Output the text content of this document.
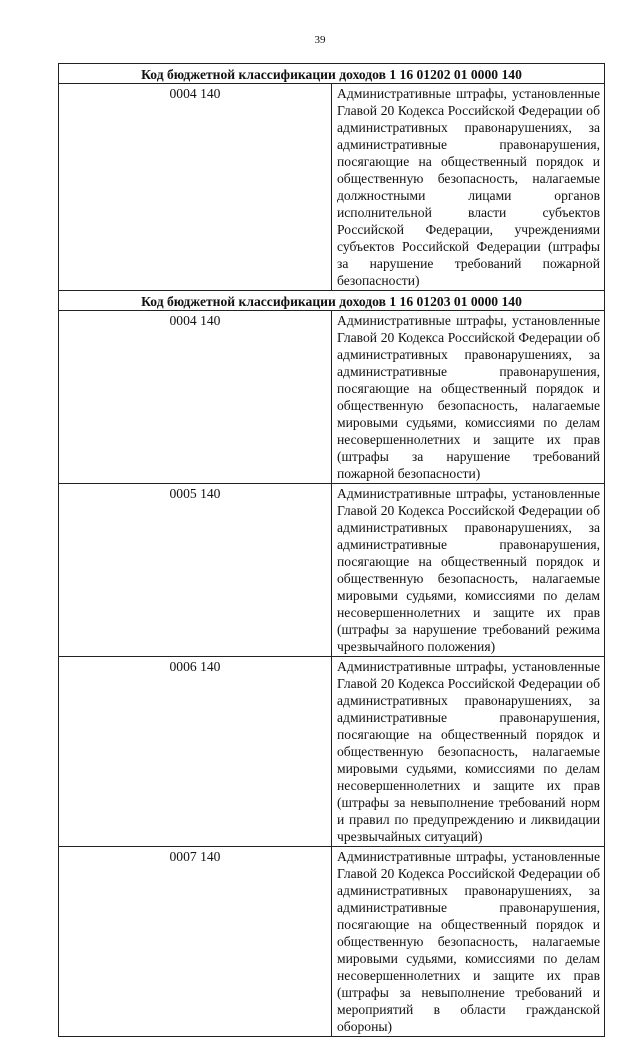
39
Код бюджетной классификации доходов 1 16 01202 01 0000 140	
0004 140	Административные штрафы, установленные Главой 20 Кодекса Российской Федерации об административных правонарушениях, за административные правонарушения, посягающие на общественный порядок и общественную безопасность, налагаемые должностными лицами органов исполнительной власти субъектов Российской Федерации, учреждениями субъектов Российской Федерации (штрафы за нарушение требований пожарной безопасности)
Код бюджетной классификации доходов 1 16 01203 01 0000 140	
0004 140	Административные штрафы, установленные Главой 20 Кодекса Российской Федерации об административных правонарушениях, за административные правонарушения, посягающие на общественный порядок и общественную безопасность, налагаемые мировыми судьями, комиссиями по делам несовершеннолетних и защите их прав (штрафы за нарушение требований пожарной безопасности)
0005 140	Административные штрафы, установленные Главой 20 Кодекса Российской Федерации об административных правонарушениях, за административные правонарушения, посягающие на общественный порядок и общественную безопасность, налагаемые мировыми судьями, комиссиями по делам несовершеннолетних и защите их прав (штрафы за нарушение требований режима чрезвычайного положения)
0006 140	Административные штрафы, установленные Главой 20 Кодекса Российской Федерации об административных правонарушениях, за административные правонарушения, посягающие на общественный порядок и общественную безопасность, налагаемые мировыми судьями, комиссиями по делам несовершеннолетних и защите их прав (штрафы за невыполнение требований норм и правил по предупреждению и ликвидации чрезвычайных ситуаций)
0007 140	Административные штрафы, установленные Главой 20 Кодекса Российской Федерации об административных правонарушениях, за административные правонарушения, посягающие на общественный порядок и общественную безопасность, налагаемые мировыми судьями, комиссиями по делам несовершеннолетних и защите их прав (штрафы за невыполнение требований и мероприятий в области гражданской обороны)
